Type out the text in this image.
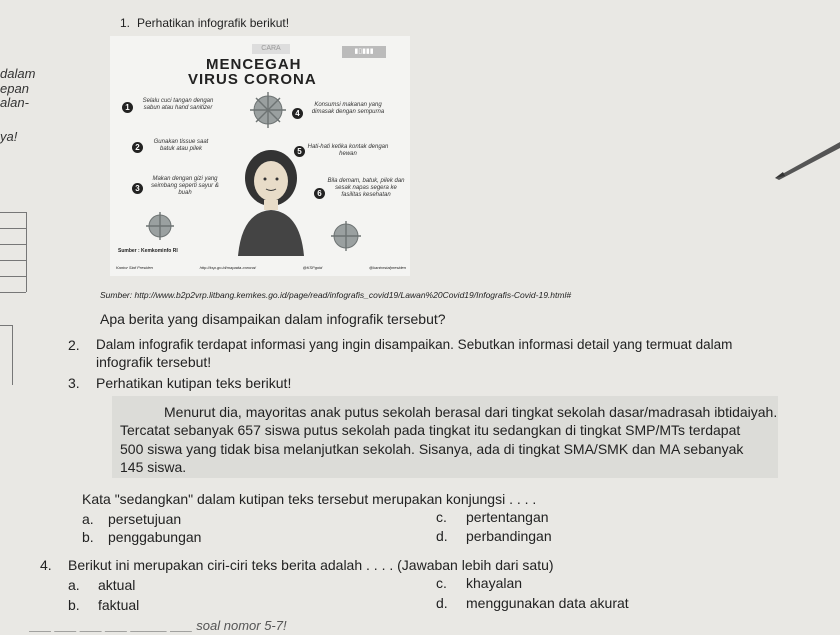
dalam
epan
alan-
ya!
1. Perhatikan infografik berikut!
CARA	▮▯▮▮▮
MENCEGAH
VIRUS CORONA
1
Selalu cuci tangan dengan sabun atau hand sanitizer
2
Gunakan tissue saat batuk atau pilek
3
Makan dengan gizi yang seimbang seperti sayur & buah
4
Konsumsi makanan yang dimasak dengan sempurna
5 Hati-hati ketika kontak dengan hewan
6
Bila demam, batuk, pilek dan sesak napas segera ke fasilitas kesehatan
Sumber : Kemkominfo RI
Kantor Staf Presiden	http://ksp.go.id/mapada-corona/	@KSPgoid	@kantorstafpresiden
Sumber: http://www.b2p2vrp.litbang.kemkes.go.id/page/read/infografis_covid19/Lawan%20Covid19/Infografis-Covid-19.html#
Apa berita yang disampaikan dalam infografik tersebut?
2. Dalam infografik terdapat informasi yang ingin disampaikan. Sebutkan informasi detail yang termuat dalam
infografik tersebut!
3. Perhatikan kutipan teks berikut!
Menurut dia, mayoritas anak putus sekolah berasal dari tingkat sekolah dasar/madrasah ibtidaiyah.
Tercatat sebanyak 657 siswa putus sekolah pada tingkat itu sedangkan di tingkat SMP/MTs terdapat
500 siswa yang tidak bisa melanjutkan sekolah. Sisanya, ada di tingkat SMA/SMK dan MA sebanyak
145 siswa.
Kata "sedangkan" dalam kutipan teks tersebut merupakan konjungsi . . . .
a. persetujuan
b. penggabungan
c. pertentangan
d. perbandingan
4. Berikut ini merupakan ciri-ciri teks berita adalah . . . . (Jawaban lebih dari satu)
a. aktual
b. faktual
c. khayalan
d. menggunakan data akurat
___ ___ ___ ___ _____ ___ soal nomor 5-7!
